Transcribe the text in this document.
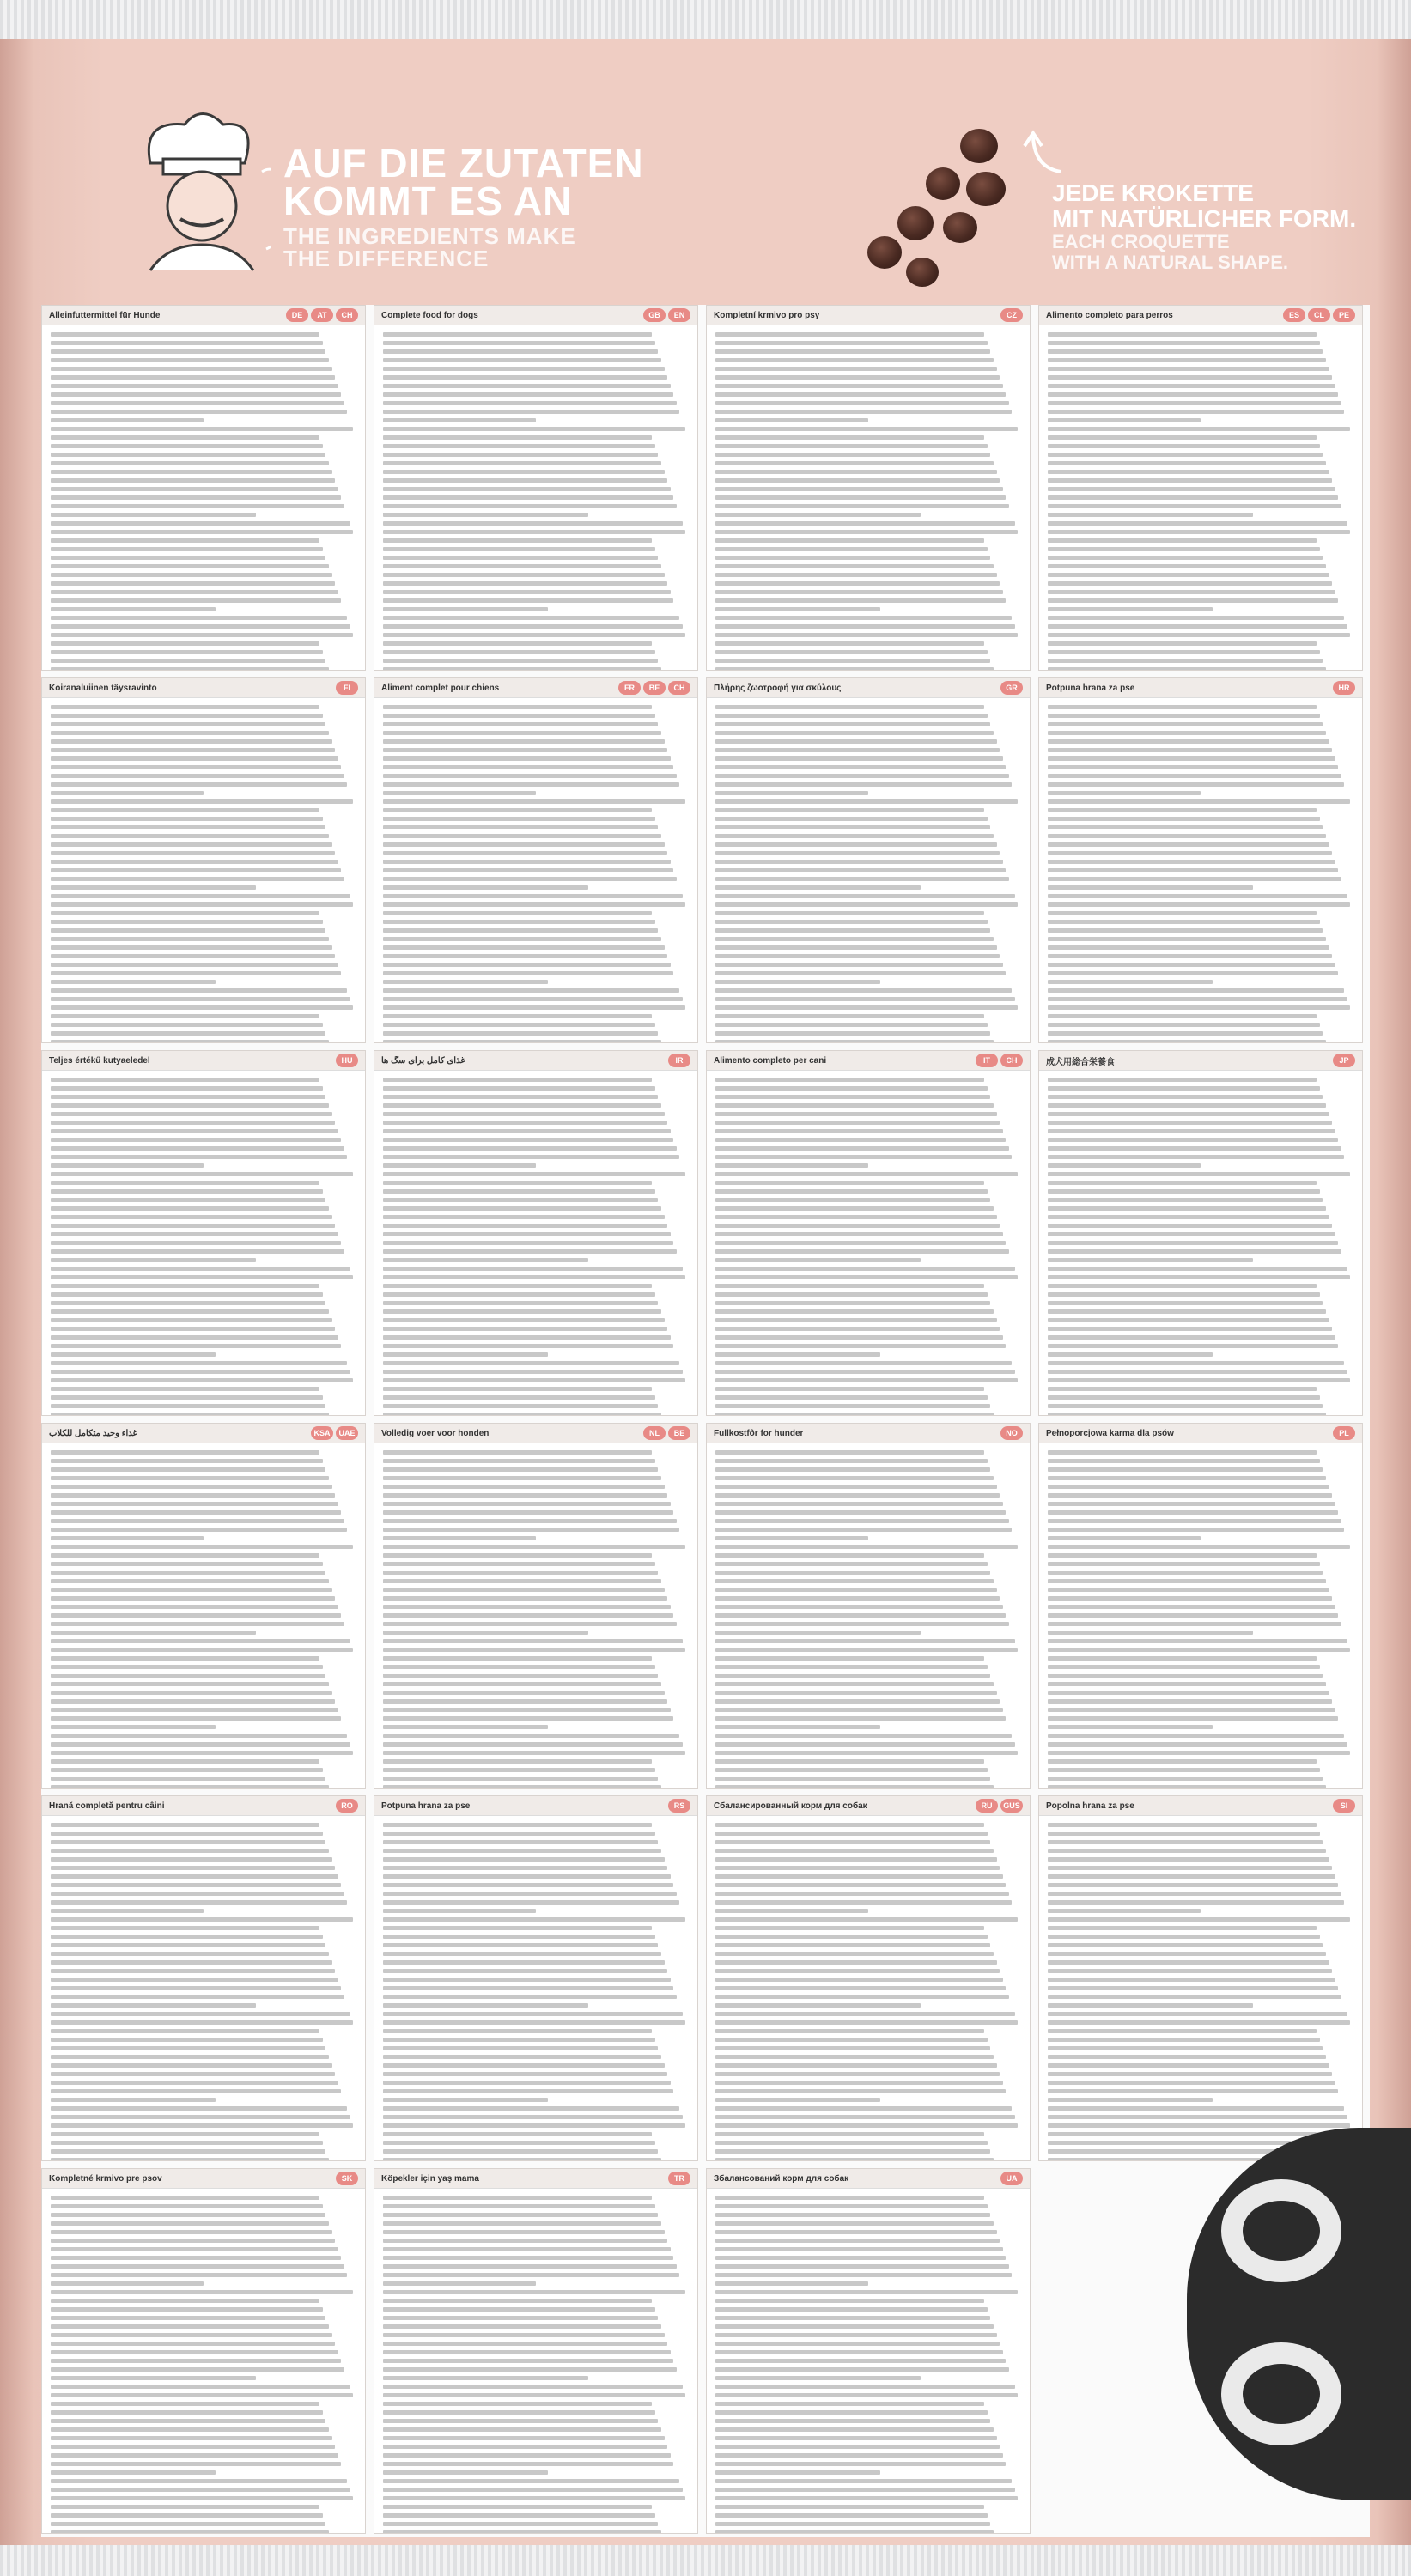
AUF DIE ZUTATEN
KOMMT ES AN
THE INGREDIENTS MAKE
THE DIFFERENCE
JEDE KROKETTE
MIT NATÜRLICHER FORM.
EACH CROQUETTE
WITH A NATURAL SHAPE.
Alleinfuttermittel für Hunde	DE	AT	CH	Complete food for dogs	GB	EN	Kompletní krmivo pro psy	CZ	Alimento completo para perros	ES	CL	PE
Koiranaluiinen täysravinto	FI	Aliment complet pour chiens	FR	BE	CH	Πλήρης ζωοτροφή για σκύλους	GR	Potpuna hrana za pse	HR
Teljes értékű kutyaeledel	HU	غذای کامل برای سگ ها	IR	Alimento completo per cani	IT	CH	成犬用総合栄養食	JP
غذاء وحيد متكامل للكلاب	KSA	UAE	Volledig voer voor honden	NL	BE	Fullkostfôr for hunder	NO	Pełnoporcjowa karma dla psów	PL
Hrană completă pentru câini	RO	Potpuna hrana za pse	RS	Сбалансированный корм для собак	RU	GUS	Popolna hrana za pse	SI
Kompletné krmivo pre psov	SK	Köpekler için yaş mama	TR	Збалансований корм для собак	UA
